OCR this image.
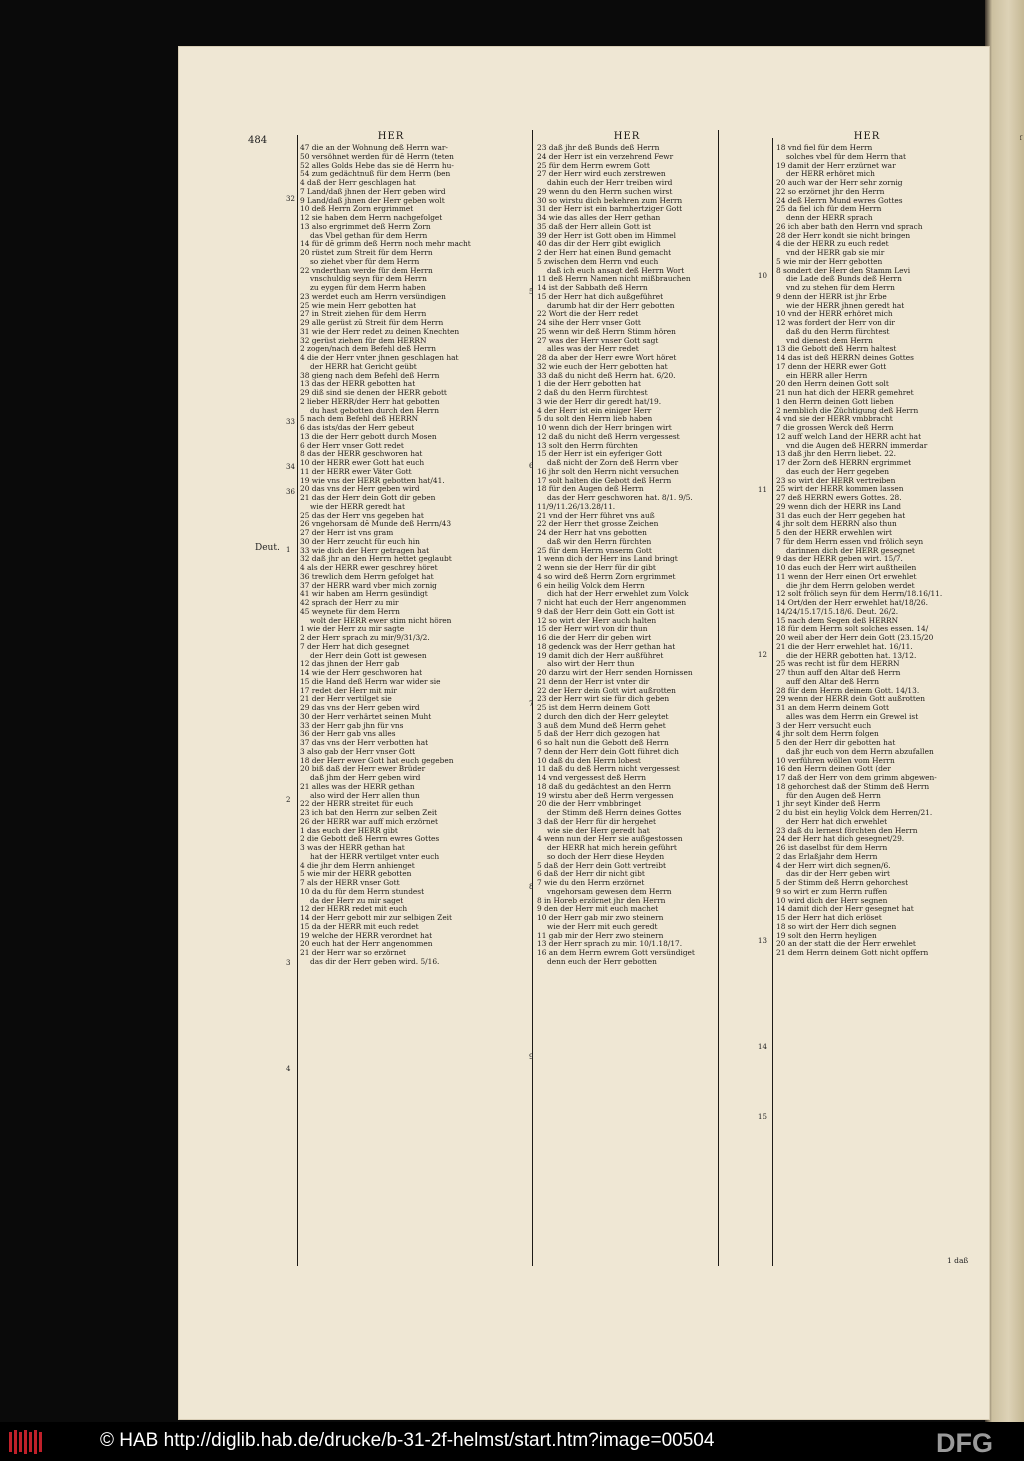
ſ
484
Deut.
HER
47 die an der Wohnung deß Herrn war-
50 versöhnet werden für dē Herrn (teten
52 alles Golds Hebe das sie dē Herrn hu-
54 zum gedächtnuß für dem Herrn (ben
4 daß der Herr geschlagen hat
7 Land/daß jhnen der Herr geben wird
9 Land/daß jhnen der Herr geben wolt
10 deß Herrn Zorn ergrimmet
12 sie haben dem Herrn nachgefolget
13 also ergrimmet deß Herrn Zorn
das Vbel gethan für dem Herrn
14 für dē grimm deß Herrn noch mehr macht
20 rüstet zum Streit für dem Herrn
so ziehet vber für dem Herrn
22 vnderthan werde für dem Herrn
vnschuldig seyn für dem Herrn
zu eygen für dem Herrn haben
23 werdet euch am Herrn versündigen
25 wie mein Herr gebotten hat
27 in Streit ziehen für dem Herrn
29 alle gerüst zū Streit für dem Herrn
31 wie der Herr redet zu deinen Knechten
32 gerüst ziehen für dem HERRN
2 zogen/nach dem Befehl deß Herrn
4 die der Herr vnter jhnen geschlagen hat
der HERR hat Gericht geübt
38 gieng nach dem Befehl deß Herrn
13 das der HERR gebotten hat
29 diß sind sie denen der HERR gebott
2 lieber HERR/der Herr hat gebotten
du hast gebotten durch den Herrn
5 nach dem Befehl deß HERRN
6 das ists/das der Herr gebeut
13 die der Herr gebott durch Mosen
6 der Herr vnser Gott redet
8 das der HERR geschworen hat
10 der HERR ewer Gott hat euch
11 der HERR ewer Väter Gott
19 wie vns der HERR gebotten hat/41.
20 das vns der Herr geben wird
21 das der Herr dein Gott dir geben
wie der HERR geredt hat
25 das der Herr vns gegeben hat
26 vngehorsam dē Munde deß Herrn/43
27 der Herr ist vns gram
30 der Herr zeucht für euch hin
33 wie dich der Herr getragen hat
32 daß jhr an den Herrn hettet geglaubt
4 als der HERR ewer geschrey höret
36 trewlich dem Herrn gefolget hat
37 der HERR ward vber mich zornig
41 wir haben am Herrn gesündigt
42 sprach der Herr zu mir
45 weynete für dem Herrn
wolt der HERR ewer stim nicht hören
1 wie der Herr zu mir sagte
2 der Herr sprach zu mir/9/31/3/2.
7 der Herr hat dich gesegnet
der Herr dein Gott ist gewesen
12 das jhnen der Herr gab
14 wie der Herr geschworen hat
15 die Hand deß Herrn war wider sie
17 redet der Herr mit mir
21 der Herr vertilget sie
29 das vns der Herr geben wird
30 der Herr verhärtet seinen Muht
33 der Herr gab jhn für vns
36 der Herr gab vns alles
37 das vns der Herr verbotten hat
3 also gab der Herr vnser Gott
18 der Herr ewer Gott hat euch gegeben
20 biß daß der Herr ewer Brüder
daß jhm der Herr geben wird
21 alles was der HERR gethan
also wird der Herr allen thun
22 der HERR streitet für euch
23 ich bat den Herrn zur selben Zeit
26 der HERR war auff mich erzörnet
1 das euch der HERR gibt
2 die Gebott deß Herrn ewres Gottes
3 was der HERR gethan hat
hat der HERR vertilget vnter euch
4 die jhr dem Herrn anhienget
5 wie mir der HERR gebotten
7 als der HERR vnser Gott
10 da du für dem Herrn stundest
da der Herr zu mir saget
12 der HERR redet mit euch
14 der Herr gebott mir zur selbigen Zeit
15 da der HERR mit euch redet
19 welche der HERR verordnet hat
20 euch hat der Herr angenommen
21 der Herr war so erzörnet
das dir der Herr geben wird. 5/16.
HER
23 daß jhr deß Bunds deß Herrn
24 der Herr ist ein verzehrend Fewr
25 für dem Herrn ewrem Gott
27 der Herr wird euch zerstrewen
dahin euch der Herr treiben wird
29 wenn du den Herrn suchen wirst
30 so wirstu dich bekehren zum Herrn
31 der Herr ist ein barmhertziger Gott
34 wie das alles der Herr gethan
35 daß der Herr allein Gott ist
39 der Herr ist Gott oben im Himmel
40 das dir der Herr gibt ewiglich
2 der Herr hat einen Bund gemacht
5 zwischen dem Herrn vnd euch
daß ich euch ansagt deß Herrn Wort
11 deß Herrn Namen nicht mißbrauchen
14 ist der Sabbath deß Herrn
15 der Herr hat dich außgeführet
darumb hat dir der Herr gebotten
22 Wort die der Herr redet
24 sihe der Herr vnser Gott
25 wenn wir deß Herrn Stimm hören
27 was der Herr vnser Gott sagt
alles was der Herr redet
28 da aber der Herr ewre Wort höret
32 wie euch der Herr gebotten hat
33 daß du nicht deß Herrn hat. 6/20.
1 die der Herr gebotten hat
2 daß du den Herrn fürchtest
3 wie der Herr dir geredt hat/19.
4 der Herr ist ein einiger Herr
5 du solt den Herrn lieb haben
10 wenn dich der Herr bringen wirt
12 daß du nicht deß Herrn vergessest
13 solt den Herrn fürchten
15 der Herr ist ein eyferiger Gott
daß nicht der Zorn deß Herrn vber
16 jhr solt den Herrn nicht versuchen
17 solt halten die Gebott deß Herrn
18 für den Augen deß Herrn
das der Herr geschworen hat. 8/1. 9/5.
11/9/11.26/13.28/11.
21 vnd der Herr führet vns auß
22 der Herr thet grosse Zeichen
24 der Herr hat vns gebotten
daß wir den Herrn fürchten
25 für dem Herrn vnserm Gott
1 wenn dich der Herr ins Land bringt
2 wenn sie der Herr für dir gibt
4 so wird deß Herrn Zorn ergrimmet
6 ein heilig Volck dem Herrn
dich hat der Herr erwehlet zum Volck
7 nicht hat euch der Herr angenommen
9 daß der Herr dein Gott ein Gott ist
12 so wirt der Herr auch halten
15 der Herr wirt von dir thun
16 die der Herr dir geben wirt
18 gedenck was der Herr gethan hat
19 damit dich der Herr außführet
also wirt der Herr thun
20 darzu wirt der Herr senden Hornissen
21 denn der Herr ist vnter dir
22 der Herr dein Gott wirt außrotten
23 der Herr wirt sie für dich geben
25 ist dem Herrn deinem Gott
2 durch den dich der Herr geleytet
3 auß dem Mund deß Herrn gehet
5 daß der Herr dich gezogen hat
6 so halt nun die Gebott deß Herrn
7 denn der Herr dein Gott führet dich
10 daß du den Herrn lobest
11 daß du deß Herrn nicht vergessest
14 vnd vergessest deß Herrn
18 daß du gedächtest an den Herrn
19 wirstu aber deß Herrn vergessen
20 die der Herr vmbbringet
der Stimm deß Herrn deines Gottes
3 daß der Herr für dir hergehet
wie sie der Herr geredt hat
4 wenn nun der Herr sie außgestossen
der HERR hat mich herein geführt
so doch der Herr diese Heyden
5 daß der Herr dein Gott vertreibt
6 daß der Herr dir nicht gibt
7 wie du den Herrn erzörnet
vngehorsam gewesen dem Herrn
8 in Horeb erzörnet jhr den Herrn
9 den der Herr mit euch machet
10 der Herr gab mir zwo steinern
wie der Herr mit euch geredt
11 gab mir der Herr zwo steinern
13 der Herr sprach zu mir. 10/1.18/17.
16 an dem Herrn ewrem Gott versündiget
denn euch der Herr gebotten
HER
18 vnd fiel für dem Herrn
solches vbel für dem Herrn that
19 damit der Herr erzürnet war
der HERR erhöret mich
20 auch war der Herr sehr zornig
22 so erzörnet jhr den Herrn
24 deß Herrn Mund ewres Gottes
25 da fiel ich für dem Herrn
denn der HERR sprach
26 ich aber bath den Herrn vnd sprach
28 der Herr kondt sie nicht bringen
4 die der HERR zu euch redet
vnd der HERR gab sie mir
5 wie mir der Herr gebotten
8 sondert der Herr den Stamm Levi
die Lade deß Bunds deß Herrn
vnd zu stehen für dem Herrn
9 denn der HERR ist jhr Erbe
wie der HERR jhnen geredt hat
10 vnd der HERR erhöret mich
12 was fordert der Herr von dir
daß du den Herrn fürchtest
vnd dienest dem Herrn
13 die Gebott deß Herrn haltest
14 das ist deß HERRN deines Gottes
17 denn der HERR ewer Gott
ein HERR aller Herrn
20 den Herrn deinen Gott solt
21 nun hat dich der HERR gemehret
1 den Herrn deinen Gott lieben
2 nemblich die Züchtigung deß Herrn
4 vnd sie der HERR vmbbracht
7 die grossen Werck deß Herrn
12 auff welch Land der HERR acht hat
vnd die Augen deß HERRN immerdar
13 daß jhr den Herrn liebet. 22.
17 der Zorn deß HERRN ergrimmet
das euch der Herr gegeben
23 so wirt der HERR vertreiben
25 wirt der HERR kommen lassen
27 deß HERRN ewers Gottes. 28.
29 wenn dich der HERR ins Land
31 das euch der Herr gegeben hat
4 jhr solt dem HERRN also thun
5 den der HERR erwehlen wirt
7 für dem Herrn essen vnd frölich seyn
darinnen dich der HERR gesegnet
9 das der HERR geben wirt. 15/7.
10 das euch der Herr wirt außtheilen
11 wenn der Herr einen Ort erwehlet
die jhr dem Herrn geloben werdet
12 solt frölich seyn für dem Herrn/18.16/11.
14 Ort/den der Herr erwehlet hat/18/26.
14/24/15.17/15.18/6. Deut. 26/2.
15 nach dem Segen deß HERRN
18 für dem Herrn solt solches essen. 14/
20 weil aber der Herr dein Gott (23.15/20
21 die der Herr erwehlet hat. 16/11.
die der HERR gebotten hat. 13/12.
25 was recht ist für dem HERRN
27 thun auff den Altar deß Herrn
auff den Altar deß Herrn
28 für dem Herrn deinem Gott. 14/13.
29 wenn der HERR dein Gott außrotten
31 an dem Herrn deinem Gott
alles was dem Herrn ein Grewel ist
3 der Herr versucht euch
4 jhr solt dem Herrn folgen
5 den der Herr dir gebotten hat
daß jhr euch von dem Herrn abzufallen
10 verführen wöllen vom Herrn
16 den Herrn deinen Gott (der
17 daß der Herr von dem grimm abgewen-
18 gehorchest daß der Stimm deß Herrn
für den Augen deß Herrn
1 jhr seyt Kinder deß Herrn
2 du bist ein heylig Volck dem Herren/21.
der Herr hat dich erwehlet
23 daß du lernest förchten den Herrn
24 der Herr hat dich gesegnet/29.
26 ist daselbst für dem Herrn
2 das Erlaßjahr dem Herrn
4 der Herr wirt dich segnen/6.
das dir der Herr geben wirt
5 der Stimm deß Herrn gehorchest
9 so wirt er zum Herrn ruffen
10 wird dich der Herr segnen
14 damit dich der Herr gesegnet hat
15 der Herr hat dich erlöset
18 so wirt der Herr dich segnen
19 solt den Herrn heyligen
20 an der statt die der Herr erwehlet
21 dem Herrn deinem Gott nicht opffern
1 daß
32
33
34
36
1
2
3
4
5
6
7
8
9
10
11
12
13
14
15
© HAB http://diglib.hab.de/drucke/b-31-2f-helmst/start.htm?image=00504	DFG
